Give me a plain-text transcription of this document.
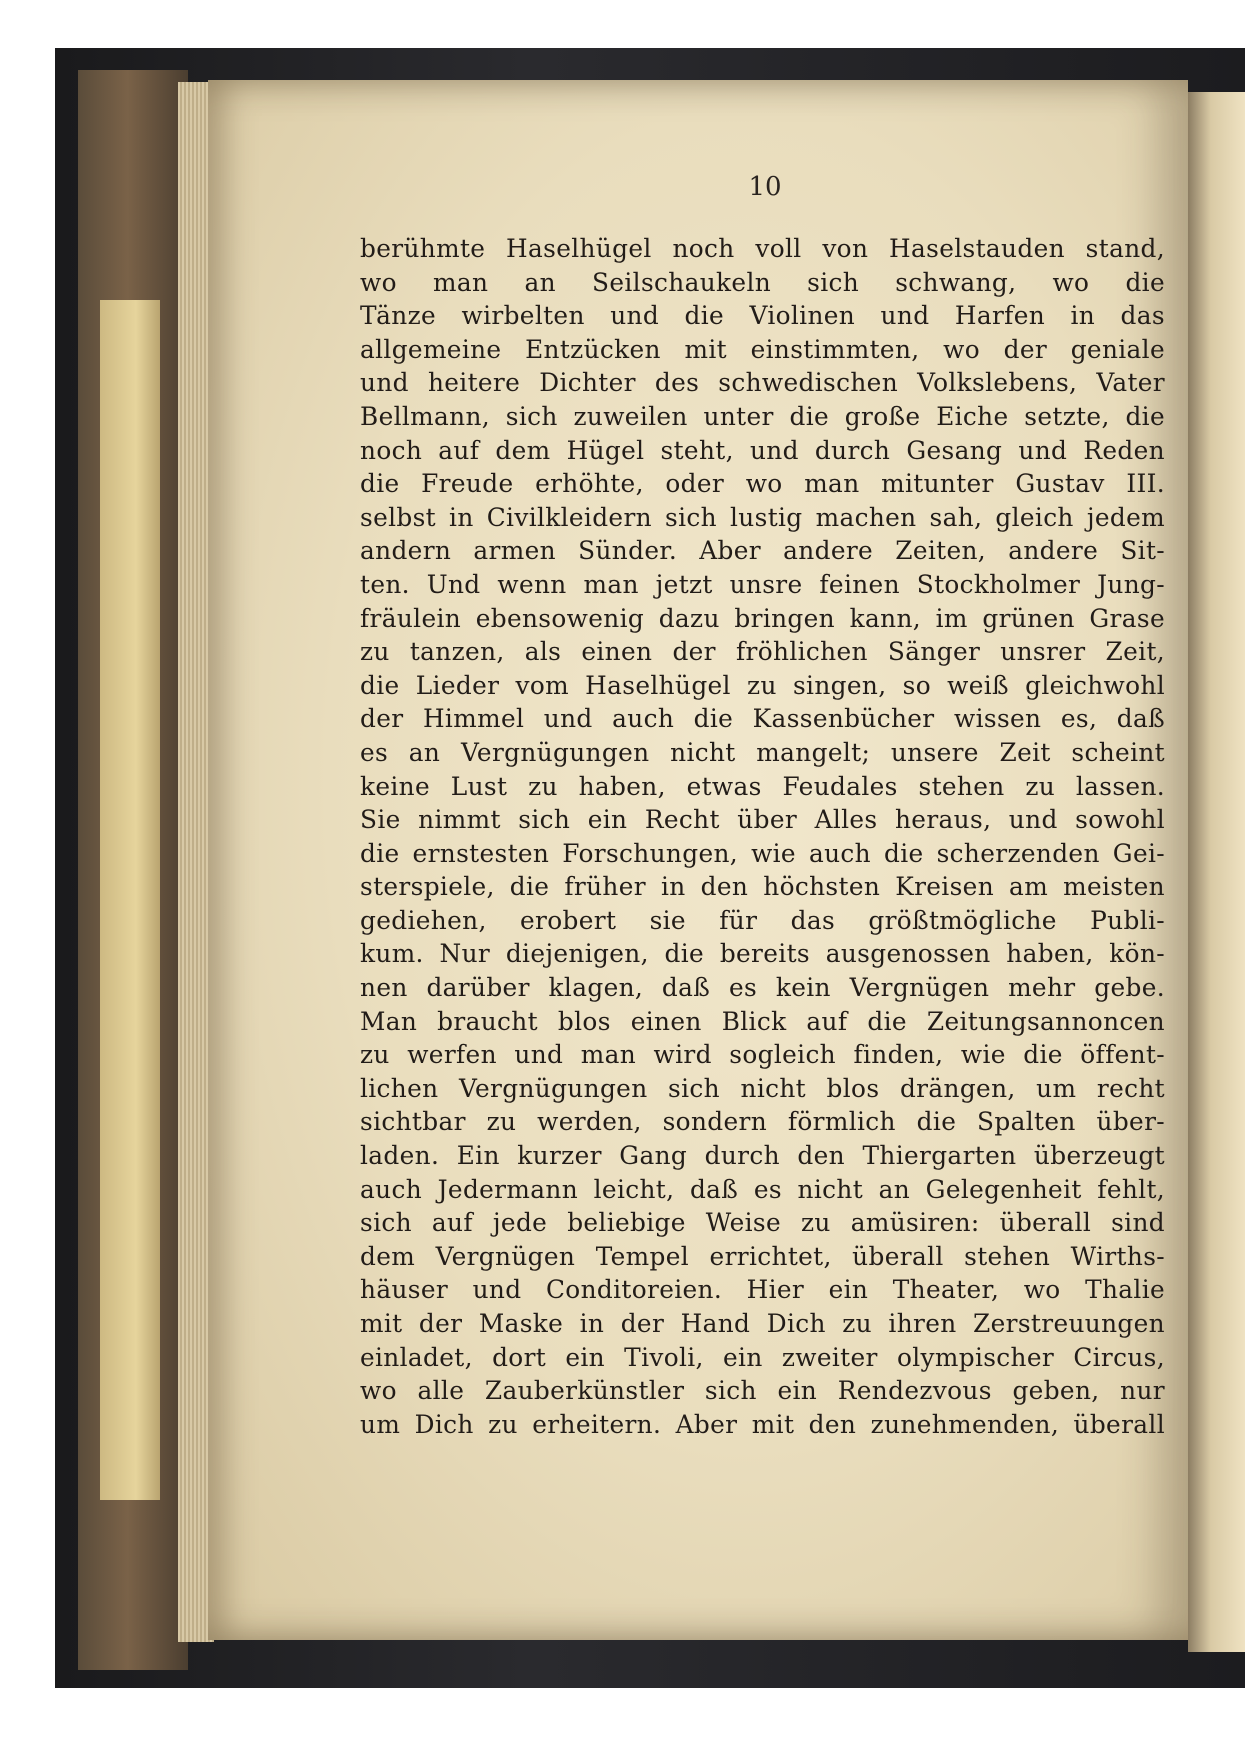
10
berühmte Haselhügel noch voll von Haselstauden stand,
wo man an Seilschaukeln sich schwang, wo die
Tänze wirbelten und die Violinen und Harfen in das
allgemeine Entzücken mit einstimmten, wo der geniale
und heitere Dichter des schwedischen Volkslebens, Vater
Bellmann, sich zuweilen unter die große Eiche setzte, die
noch auf dem Hügel steht, und durch Gesang und Reden
die Freude erhöhte, oder wo man mitunter Gustav III.
selbst in Civilkleidern sich lustig machen sah, gleich jedem
andern armen Sünder. Aber andere Zeiten, andere Sit-
ten. Und wenn man jetzt unsre feinen Stockholmer Jung-
fräulein ebensowenig dazu bringen kann, im grünen Grase
zu tanzen, als einen der fröhlichen Sänger unsrer Zeit,
die Lieder vom Haselhügel zu singen, so weiß gleichwohl
der Himmel und auch die Kassenbücher wissen es, daß
es an Vergnügungen nicht mangelt; unsere Zeit scheint
keine Lust zu haben, etwas Feudales stehen zu lassen.
Sie nimmt sich ein Recht über Alles heraus, und sowohl
die ernstesten Forschungen, wie auch die scherzenden Gei-
sterspiele, die früher in den höchsten Kreisen am meisten
gediehen, erobert sie für das größtmögliche Publi-
kum. Nur diejenigen, die bereits ausgenossen haben, kön-
nen darüber klagen, daß es kein Vergnügen mehr gebe.
Man braucht blos einen Blick auf die Zeitungsannoncen
zu werfen und man wird sogleich finden, wie die öffent-
lichen Vergnügungen sich nicht blos drängen, um recht
sichtbar zu werden, sondern förmlich die Spalten über-
laden. Ein kurzer Gang durch den Thiergarten überzeugt
auch Jedermann leicht, daß es nicht an Gelegenheit fehlt,
sich auf jede beliebige Weise zu amüsiren: überall sind
dem Vergnügen Tempel errichtet, überall stehen Wirths-
häuser und Conditoreien. Hier ein Theater, wo Thalie
mit der Maske in der Hand Dich zu ihren Zerstreuungen
einladet, dort ein Tivoli, ein zweiter olympischer Circus,
wo alle Zauberkünstler sich ein Rendezvous geben, nur
um Dich zu erheitern. Aber mit den zunehmenden, überall
